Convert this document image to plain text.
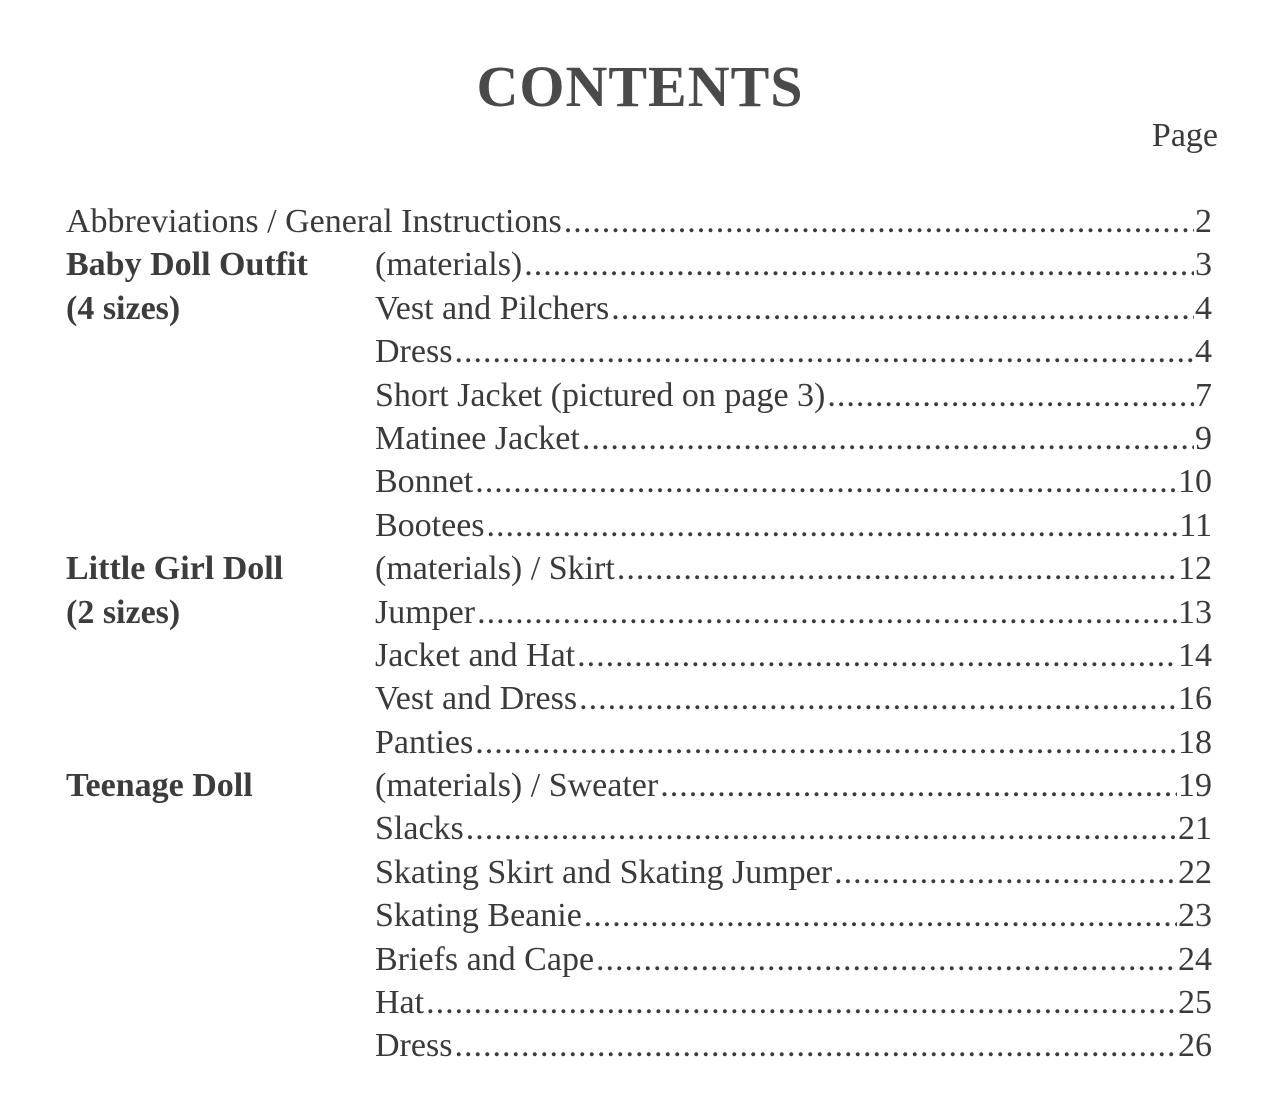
CONTENTS
Page
Abbreviations / General Instructions .....	2
Baby Doll Outfit	(materials) .....	3
(4 sizes)	Vest and Pilchers .....	4
Dress .....	4
Short Jacket (pictured on page 3) .....	7
Matinee Jacket .....	9
Bonnet .....	10
Bootees .....	11
Little Girl Doll	(materials) / Skirt .....	12
(2 sizes)	Jumper .....	13
Jacket and Hat .....	14
Vest and Dress .....	16
Panties .....	18
Teenage Doll	(materials) / Sweater .....	19
Slacks .....	21
Skating Skirt and Skating Jumper .....	22
Skating Beanie .....	23
Briefs and Cape .....	24
Hat .....	25
Dress .....	26
